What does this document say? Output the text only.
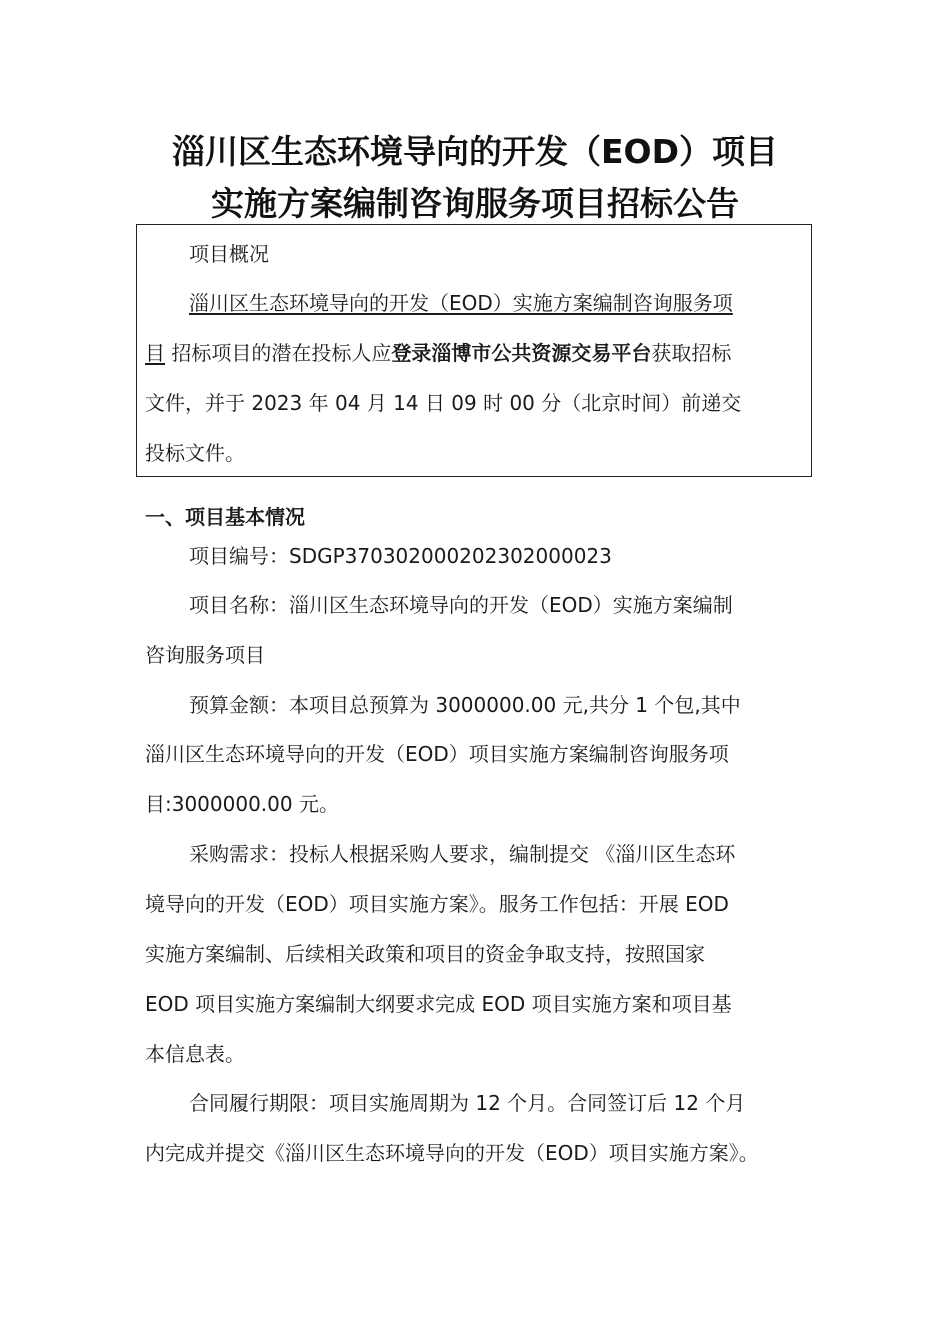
淄川区生态环境导向的开发（EOD）项目
实施方案编制咨询服务项目招标公告
项目概况
淄川区生态环境导向的开发（EOD）实施方案编制咨询服务项
目 招标项目的潜在投标人应登录淄博市公共资源交易平台获取招标
文件，并于 2023 年 04 月 14 日 09 时 00 分（北京时间）前递交
投标文件。
一、项目基本情况
项目编号：SDGP370302000202302000023
项目名称：淄川区生态环境导向的开发（EOD）实施方案编制
咨询服务项目
预算金额：本项目总预算为 3000000.00 元,共分 1 个包,其中
淄川区生态环境导向的开发（EOD）项目实施方案编制咨询服务项
目:3000000.00 元。
采购需求：投标人根据采购人要求，编制提交 《淄川区生态环
境导向的开发（EOD）项目实施方案》。服务工作包括：开展 EOD
实施方案编制、后续相关政策和项目的资金争取支持，按照国家
EOD 项目实施方案编制大纲要求完成 EOD 项目实施方案和项目基
本信息表。
合同履行期限：项目实施周期为 12 个月。合同签订后 12 个月
内完成并提交《淄川区生态环境导向的开发（EOD）项目实施方案》。
